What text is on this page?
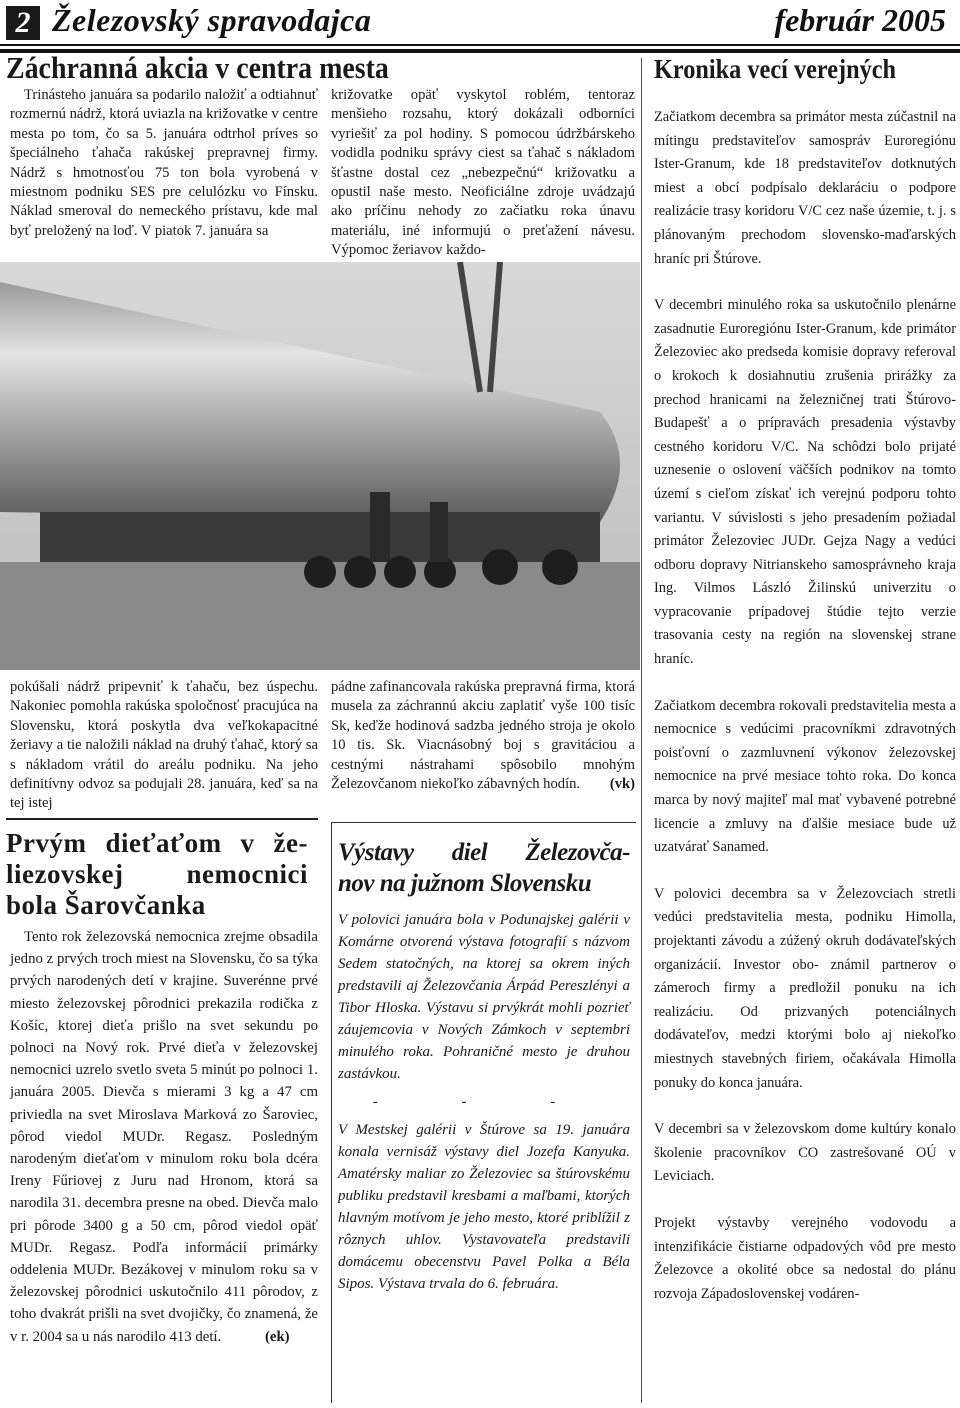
2 Železovský spravodajca	február 2005
Záchranná akcia v centra mesta

Trinásteho januára sa podarilo naložiť a odtiahnuť rozmernú nádrž, ktorá uviazla na križovatke v centre mesta po tom, čo sa 5. januára odtrhol príves so špeciálneho ťahača rakúskej prepravnej firmy. Nádrž s hmotnosťou 75 ton bola vyrobená v miestnom podniku SES pre celulózku vo Fínsku. Náklad smeroval do nemeckého prístavu, kde mal byť preložený na loď. V piatok 7. januára sa

križovatke opäť vyskytol roblém, tentoraz menšieho rozsahu, ktorý dokázali odborníci vyriešiť za pol hodiny. S pomocou údržbárskeho vodidla podniku správy ciest sa ťahač s nákladom šťastne dostal cez „nebezpečnú“ križovatku a opustil naše mesto. Neoficiálne zdroje uvádzajú ako príčinu nehody zo začiatku roka únavu materiálu, iné informujú o preťažení návesu. Výpomoc žeriavov každo-

pokúšali nádrž pripevniť k ťahaču, bez úspechu. Nakoniec pomohla rakúska spoločnosť pracujúca na Slovensku, ktorá poskytla dva veľkokapacitné žeriavy a tie naložili náklad na druhý ťahač, ktorý sa s nákladom vrátil do areálu podniku. Na jeho definitívny odvoz sa podujali 28. januára, keď sa na tej istej

pádne zafinancovala rakúska prepravná firma, ktorá musela za záchrannú akciu zaplatiť vyše 100 tisíc Sk, keďže hodinová sadzba jedného stroja je okolo 10 tis. Sk. Viacnásobný boj s gravitáciou a cestnými nástrahami spôsobilo mnohým Železovčanom niekoľko zábavných hodín. (vk)

Prvým dieťaťom v že-
liezovskej nemocnici
bola Šarovčanka

Tento rok železovská nemocnica zrejme obsadila jedno z prvých troch miest na Slovensku, čo sa týka prvých narodených detí v krajine. Suverénne prvé miesto železovskej pôrodnici prekazila rodička z Košíc, ktorej dieťa prišlo na svet sekundu po polnoci na Nový rok. Prvé dieťa v železovskej nemocnici uzrelo svetlo sveta 5 minút po polnoci 1. januára 2005. Dievča s mierami 3 kg a 47 cm priviedla na svet Miroslava Marková zo Šaroviec, pôrod viedol MUDr. Regasz. Posledným narodeným dieťaťom v minulom roku bola dcéra Ireny Fűriovej z Juru nad Hronom, ktorá sa narodila 31. decembra presne na obed. Dievča malo pri pôrode 3400 g a 50 cm, pôrod viedol opäť MUDr. Regasz. Podľa informácií primárky oddelenia MUDr. Bezákovej v minulom roku sa v železovskej pôrodnici uskutočnilo 411 pôrodov, z toho dvakrát prišli na svet dvojičky, čo znamená, že v r. 2004 sa u nás narodilo 413 detí.	(ek)

Výstavy diel Železovča-
nov na južnom Slovensku

V polovici januára bola v Podunajskej galérii v Komárne otvorená výstava fotografií s názvom Sedem statočných, na ktorej sa okrem iných predstavili aj Železovčania Árpád Pereszlényi a Tibor Hloska. Výstavu si prvýkrát mohli pozrieť záujemcovia v Nových Zámkoch v septembri minulého roka. Pohraničné mesto je druhou zastávkou.

- - -

V Mestskej galérii v Štúrove sa 19. januára konala vernisáž výstavy diel Jozefa Kanyuka. Amatérsky maliar zo Železoviec sa štúrovskému publiku predstavil kresbami a maľbami, ktorých hlavným motívom je jeho mesto, ktoré priblížil z rôznych uhlov. Vystavovateľa predstavili domácemu obecenstvu Pavel Polka a Béla Sipos. Výstava trvala do 6. februára.

Kronika vecí verejných

Začiatkom decembra sa primátor mesta zúčastnil na mítingu predstaviteľov samospráv Euroregiónu Ister-Granum, kde 18 predstaviteľov dotknutých miest a obcí podpísalo deklaráciu o podpore realizácie trasy koridoru V/C cez naše územie, t. j. s plánovaným prechodom slovensko-maďarských hraníc pri Štúrove.

V decembri minulého roka sa uskutočnilo plenárne zasadnutie Euroregiónu Ister-Granum, kde primátor Železoviec ako predseda komisie dopravy referoval o krokoch k dosiahnutiu zrušenia prirážky za prechod hranicami na železničnej trati Štúrovo-Budapešť a o prípravách presadenia výstavby cestného koridoru V/C. Na schôdzi bolo prijaté uznesenie o oslovení väčších podnikov na tomto území s cieľom získať ich verejnú podporu tohto variantu. V súvislosti s jeho presadením požiadal primátor Železoviec JUDr. Gejza Nagy a vedúci odboru dopravy Nitrianskeho samosprávneho kraja Ing. Vilmos László Žilinskú univerzitu o vypracovanie prípadovej štúdie tejto verzie trasovania cesty na región na slovenskej strane hraníc.

Začiatkom decembra rokovali predstavitelia mesta a nemocnice s vedúcimi pracovníkmi zdravotných poisťovní o zazmluvnení výkonov železovskej nemocnice na prvé mesiace tohto roka. Do konca marca by nový majiteľ mal mať vybavené potrebné licencie a zmluvy na ďalšie mesiace bude už uzatvárať Sanamed.

V polovici decembra sa v Železovciach stretli vedúci predstavitelia mesta, podniku Himolla, projektanti závodu a zúžený okruh dodávateľských organizácií. Investor obo- známil partnerov o zámeroch firmy a predložil ponuku na ich realizáciu. Od prizvaných potenciálnych dodávateľov, medzi ktorými bolo aj niekoľko miestnych stavebných firiem, očakávala Himolla ponuky do konca januára.

V decembri sa v železovskom dome kultúry konalo školenie pracovníkov CO zastrešované OÚ v Leviciach.

Projekt výstavby verejného vodovodu a intenzifikácie čistiarne odpadových vôd pre mesto Železovce a okolité obce sa nedostal do plánu rozvoja Západoslovenskej vodáren-
